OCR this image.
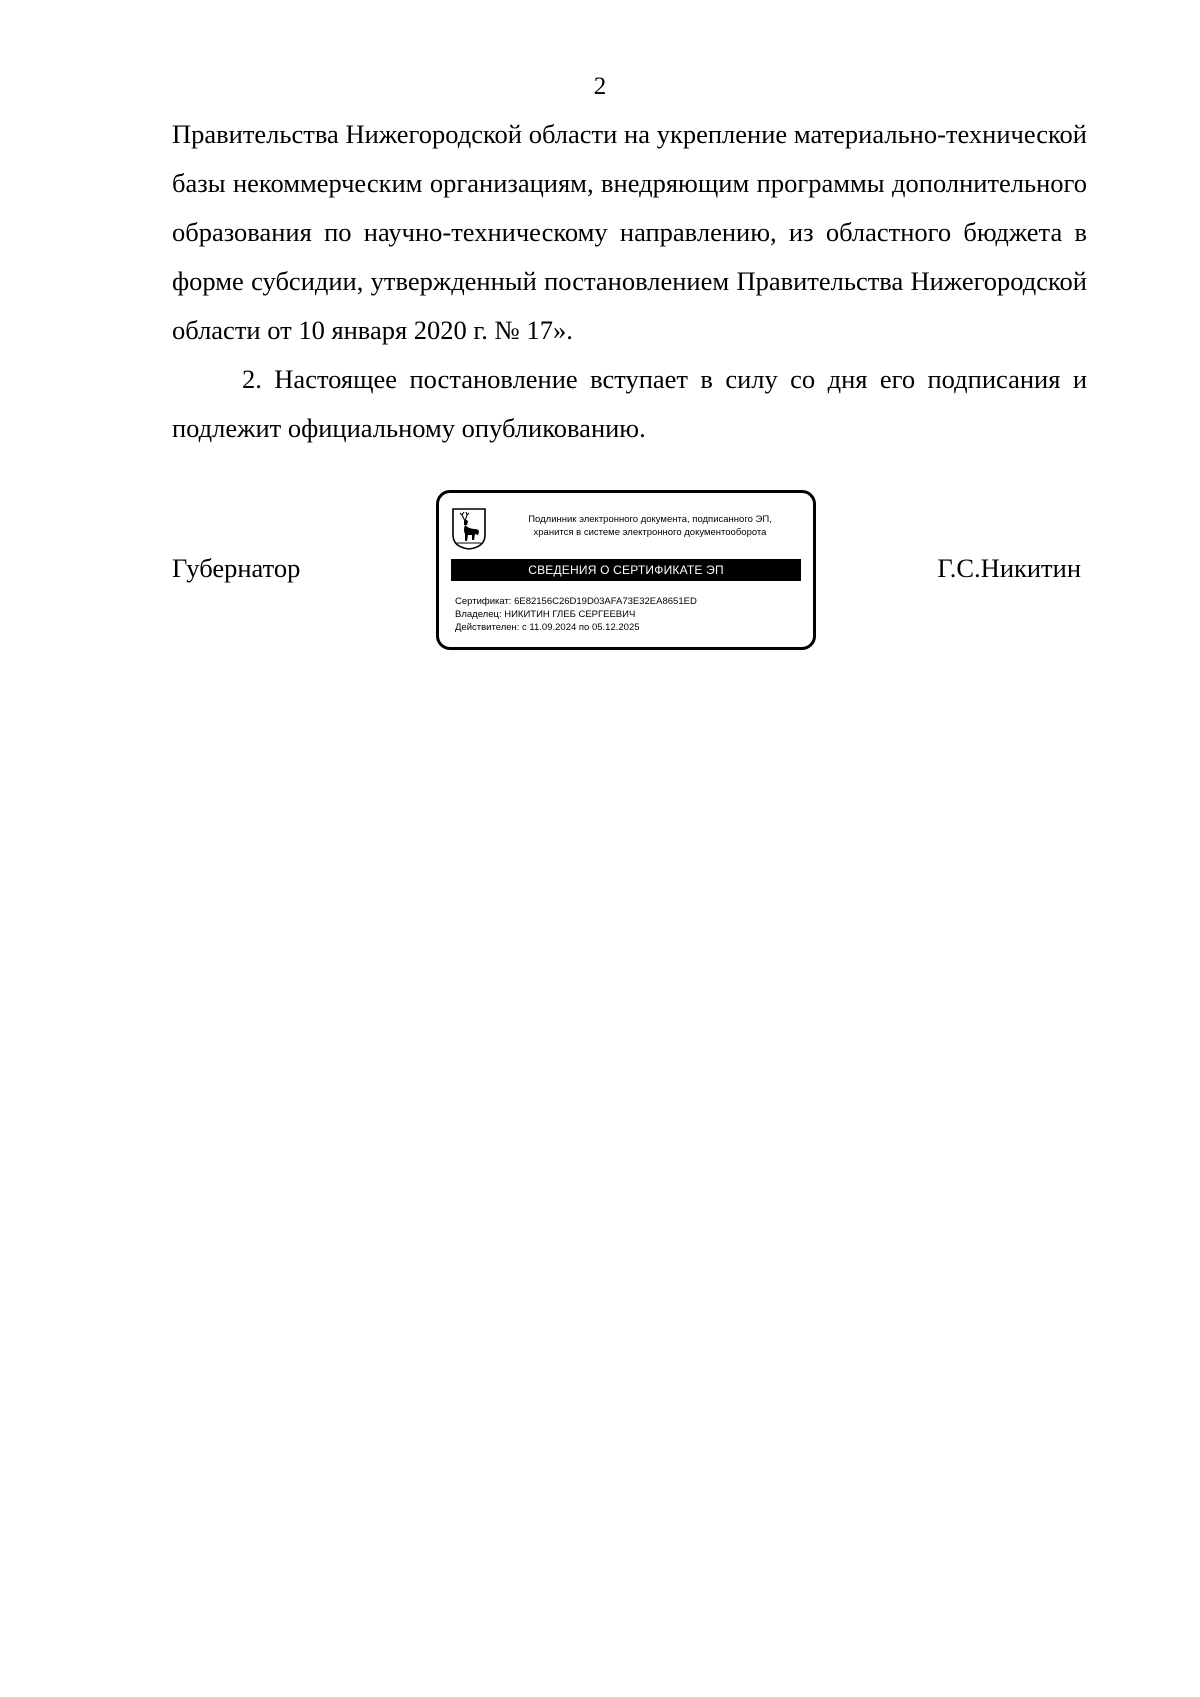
2

Правительства Нижегородской области на укрепление материально-технической базы некоммерческим организациям, внедряющим программы дополнительного образования по научно-техническому направлению, из областного бюджета в форме субсидии, утвержденный постановлением Правительства Нижегородской области от 10 января 2020 г. № 17».

2. Настоящее постановление вступает в силу со дня его подписания и подлежит официальному опубликованию.

Губернатор
Подлинник электронного документа, подписанного ЭП,
хранится в системе электронного документооборота
СВЕДЕНИЯ О СЕРТИФИКАТЕ ЭП
Сертификат: 6E82156C26D19D03AFA73E32EA8651ED
Владелец: НИКИТИН ГЛЕБ СЕРГЕЕВИЧ
Действителен: с 11.09.2024 по 05.12.2025
Г.С.Никитин
